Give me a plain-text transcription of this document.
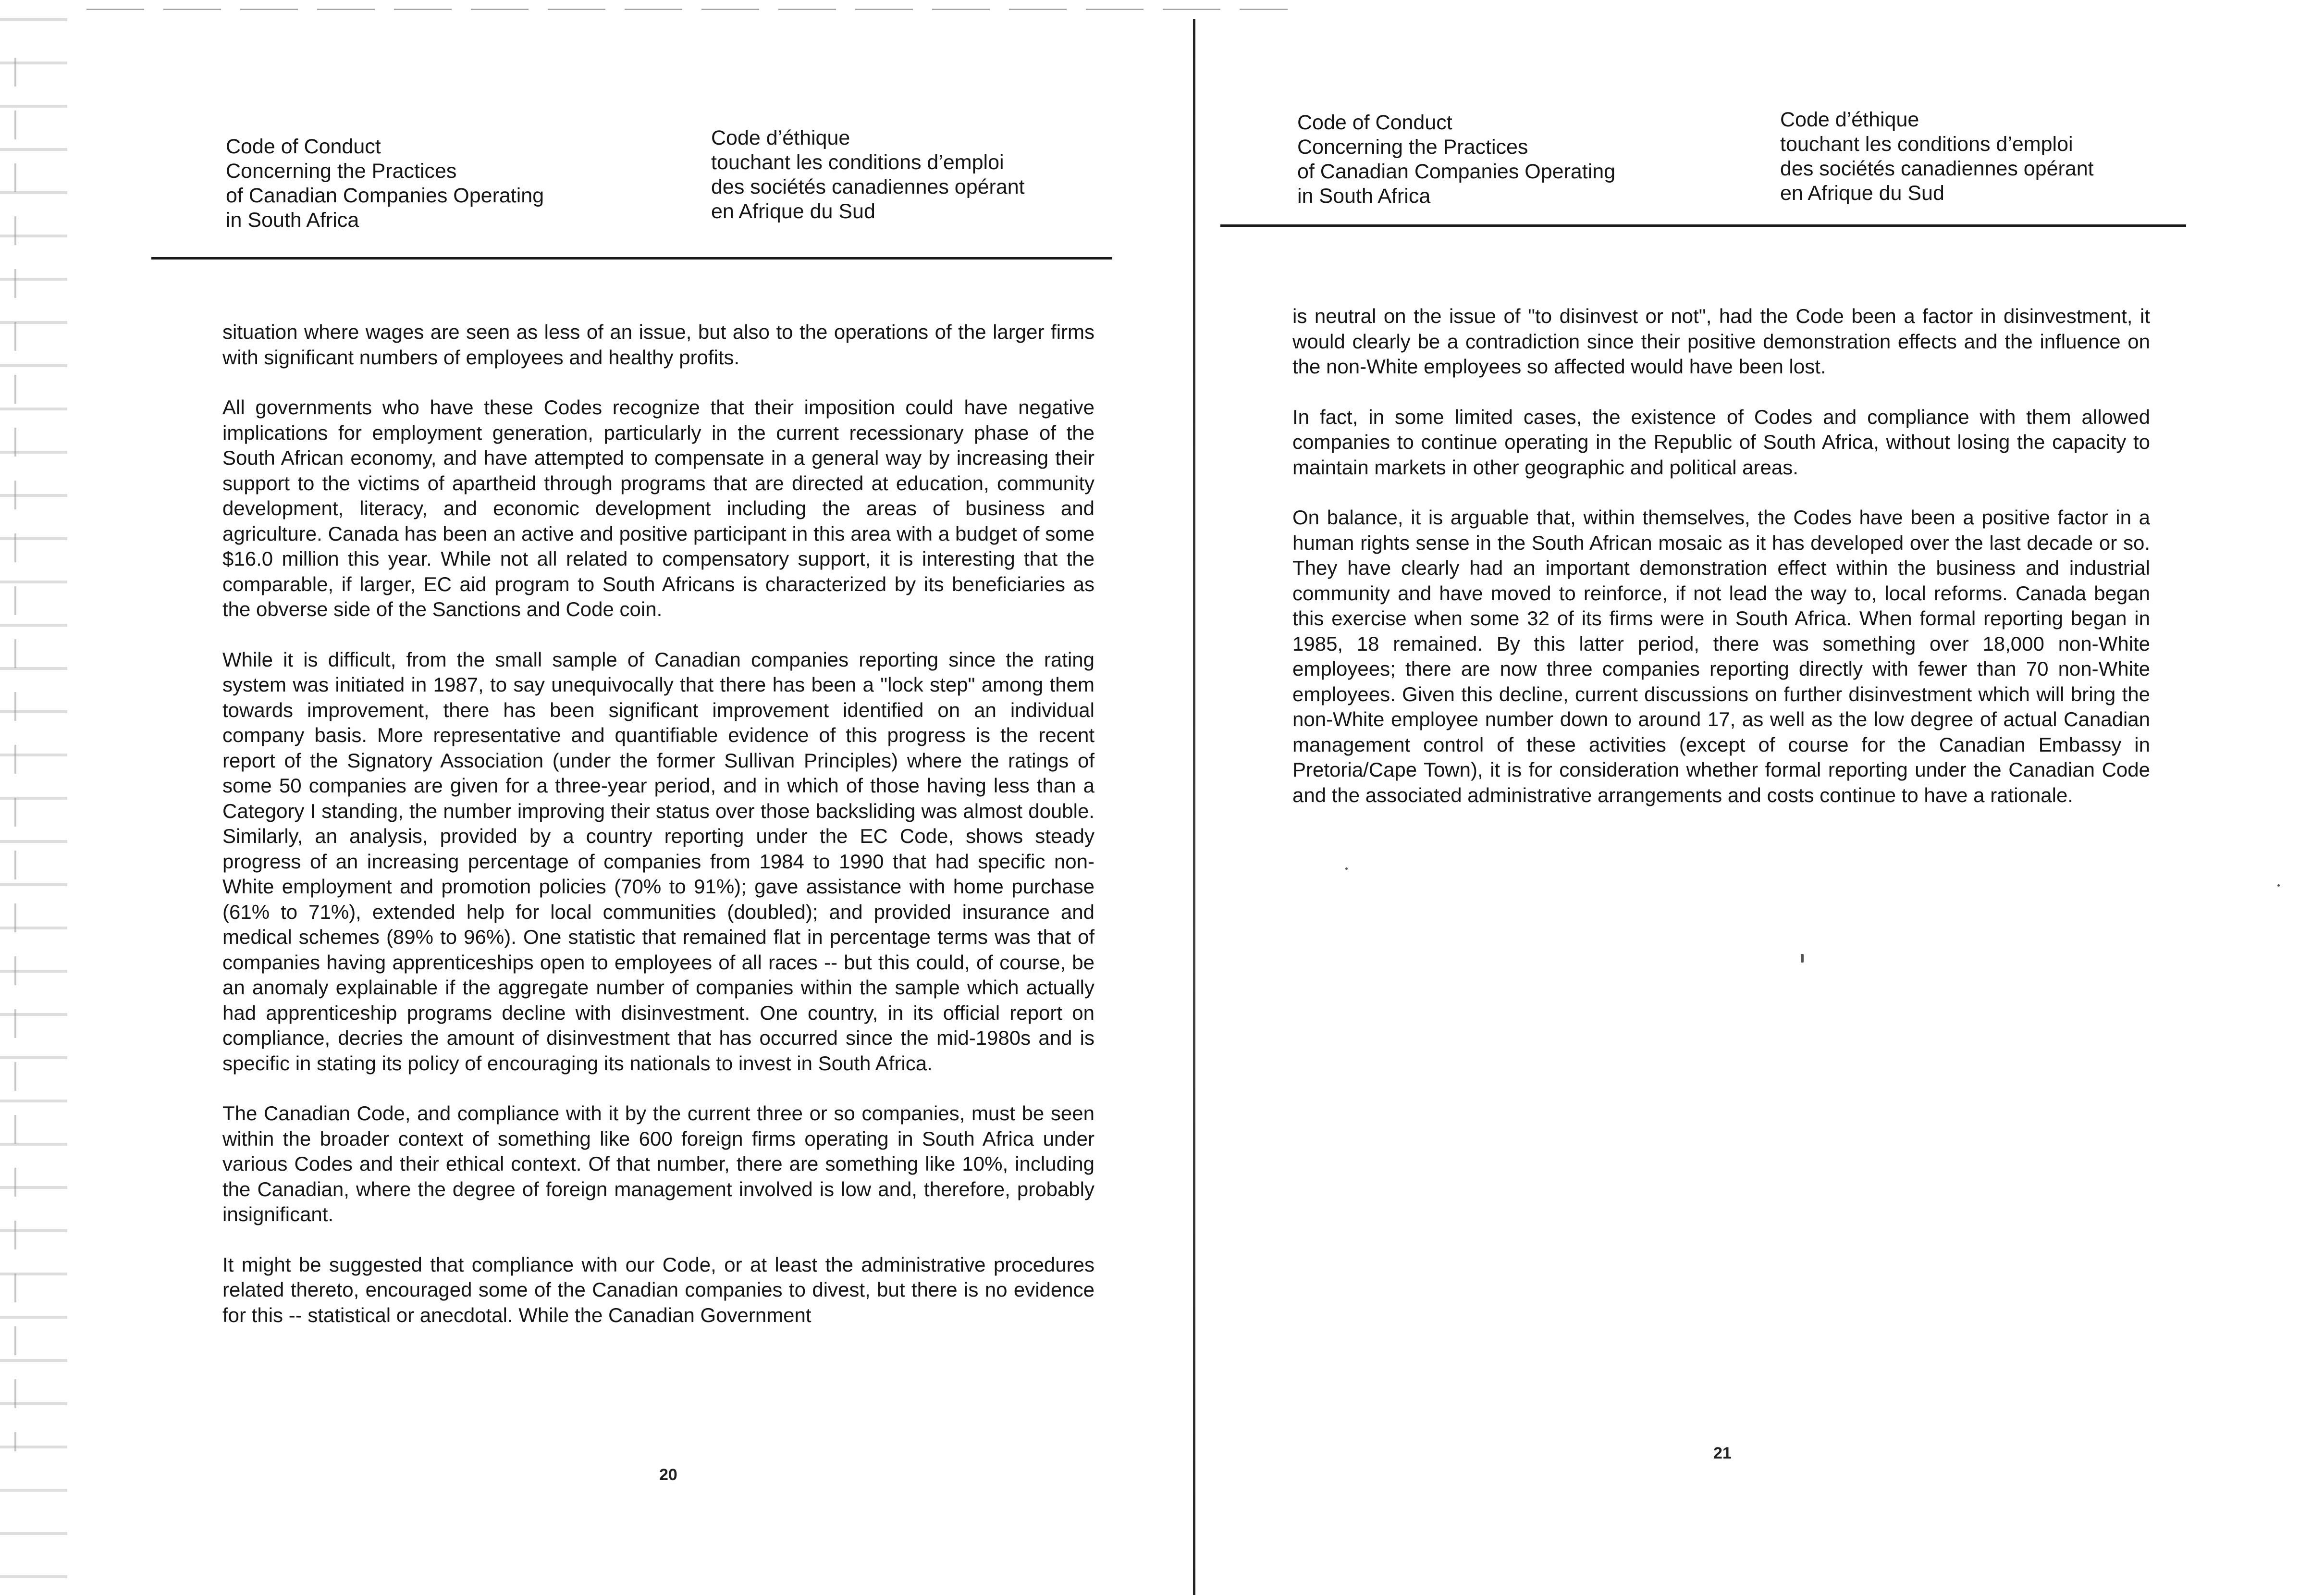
Code of Conduct
Concerning the Practices
of Canadian Companies Operating
in South Africa
Code d’éthique
touchant les conditions d’emploi
des sociétés canadiennes opérant
en Afrique du Sud

situation where wages are seen as less of an issue, but also to the operations of the larger firms with significant numbers of employees and healthy profits.

All governments who have these Codes recognize that their imposition could have negative implications for employment generation, particularly in the current recessionary phase of the South African economy, and have attempted to compensate in a general way by increasing their support to the victims of apartheid through programs that are directed at education, community development, literacy, and economic development including the areas of business and agriculture. Canada has been an active and positive participant in this area with a budget of some $16.0 million this year. While not all related to compensatory support, it is interesting that the comparable, if larger, EC aid program to South Africans is characterized by its beneficiaries as the obverse side of the Sanctions and Code coin.

While it is difficult, from the small sample of Canadian companies reporting since the rating system was initiated in 1987, to say unequivocally that there has been a "lock step" among them towards improvement, there has been significant improvement identified on an individual company basis. More representative and quantifiable evidence of this progress is the recent report of the Signatory Association (under the former Sullivan Principles) where the ratings of some 50 companies are given for a three-year period, and in which of those having less than a Category I standing, the number improving their status over those backsliding was almost double. Similarly, an analysis, provided by a country reporting under the EC Code, shows steady progress of an increasing percentage of companies from 1984 to 1990 that had specific non-White employment and promotion policies (70% to 91%); gave assistance with home purchase (61% to 71%), extended help for local communities (doubled); and provided insurance and medical schemes (89% to 96%). One statistic that remained flat in percentage terms was that of companies having apprenticeships open to employees of all races -- but this could, of course, be an anomaly explainable if the aggregate number of companies within the sample which actually had apprenticeship programs decline with disinvestment. One country, in its official report on compliance, decries the amount of disinvestment that has occurred since the mid-1980s and is specific in stating its policy of encouraging its nationals to invest in South Africa.

The Canadian Code, and compliance with it by the current three or so companies, must be seen within the broader context of something like 600 foreign firms operating in South Africa under various Codes and their ethical context. Of that number, there are something like 10%, including the Canadian, where the degree of foreign management involved is low and, therefore, probably insignificant.

It might be suggested that compliance with our Code, or at least the administrative procedures related thereto, encouraged some of the Canadian companies to divest, but there is no evidence for this -- statistical or anecdotal. While the Canadian Government

20
Code of Conduct
Concerning the Practices
of Canadian Companies Operating
in South Africa
Code d’éthique
touchant les conditions d’emploi
des sociétés canadiennes opérant
en Afrique du Sud

is neutral on the issue of "to disinvest or not", had the Code been a factor in disinvestment, it would clearly be a contradiction since their positive demonstration effects and the influence on the non-White employees so affected would have been lost.

In fact, in some limited cases, the existence of Codes and compliance with them allowed companies to continue operating in the Republic of South Africa, without losing the capacity to maintain markets in other geographic and political areas.

On balance, it is arguable that, within themselves, the Codes have been a positive factor in a human rights sense in the South African mosaic as it has developed over the last decade or so. They have clearly had an important demonstration effect within the business and industrial community and have moved to reinforce, if not lead the way to, local reforms. Canada began this exercise when some 32 of its firms were in South Africa. When formal reporting began in 1985, 18 remained. By this latter period, there was something over 18,000 non-White employees; there are now three companies reporting directly with fewer than 70 non-White employees. Given this decline, current discussions on further disinvestment which will bring the non-White employee number down to around 17, as well as the low degree of actual Canadian management control of these activities (except of course for the Canadian Embassy in Pretoria/Cape Town), it is for consideration whether formal reporting under the Canadian Code and the associated administrative arrangements and costs continue to have a rationale.

21
